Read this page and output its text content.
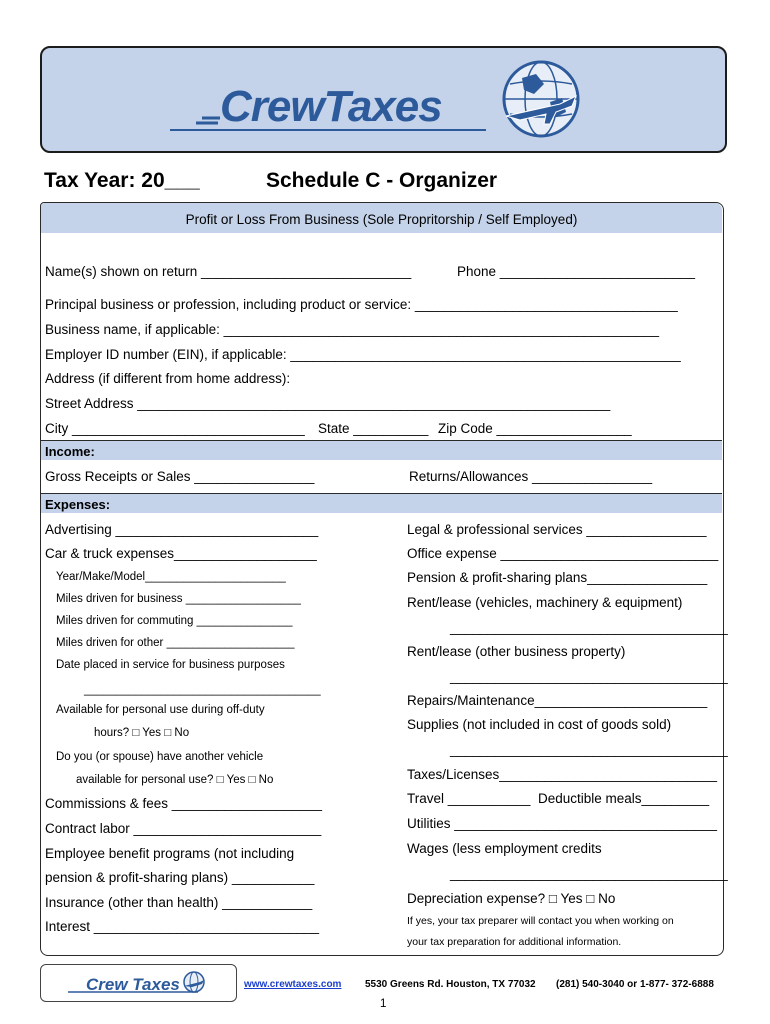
CrewTaxes
Tax Year: 20___	Schedule C - Organizer
Profit or Loss From Business (Sole Propritorship / Self Employed)
Name(s) shown on return ____________________________	Phone __________________________
Principal business or profession, including product or service: ___________________________________
Business name, if applicable: __________________________________________________________
Employer ID number (EIN), if applicable: ____________________________________________________
Address (if different from home address):
Street Address _______________________________________________________________
City _______________________________ State __________ Zip Code __________________
Income:
Gross Receipts or Sales ________________	Returns/Allowances ________________
Expenses:
Advertising ___________________________
Car & truck expenses___________________
Year/Make/Model______________________
Miles driven for business __________________
Miles driven for commuting _______________
Miles driven for other ____________________
Date placed in service for business purposes
_____________________________________
Available for personal use during off-duty
hours? □ Yes □ No
Do you (or spouse) have another vehicle
available for personal use? □ Yes □ No
Commissions & fees ____________________
Contract labor _________________________
Employee benefit programs (not including
pension & profit-sharing plans) ___________
Insurance (other than health) ____________
Interest ______________________________
Legal & professional services ________________
Office expense _____________________________
Pension & profit-sharing plans________________
Rent/lease (vehicles, machinery & equipment)
_____________________________________
Rent/lease (other business property)
_____________________________________
Repairs/Maintenance_______________________
Supplies (not included in cost of goods sold)
_____________________________________
Taxes/Licenses_____________________________
Travel ___________ Deductible meals_________
Utilities ___________________________________
Wages (less employment credits
_____________________________________
Depreciation expense? □ Yes □ No
If yes, your tax preparer will contact you when working on
your tax preparation for additional information.
Crew Taxes	www.crewtaxes.com 5530 Greens Rd. Houston, TX 77032 (281) 540-3040 or 1-877- 372-6888
1
